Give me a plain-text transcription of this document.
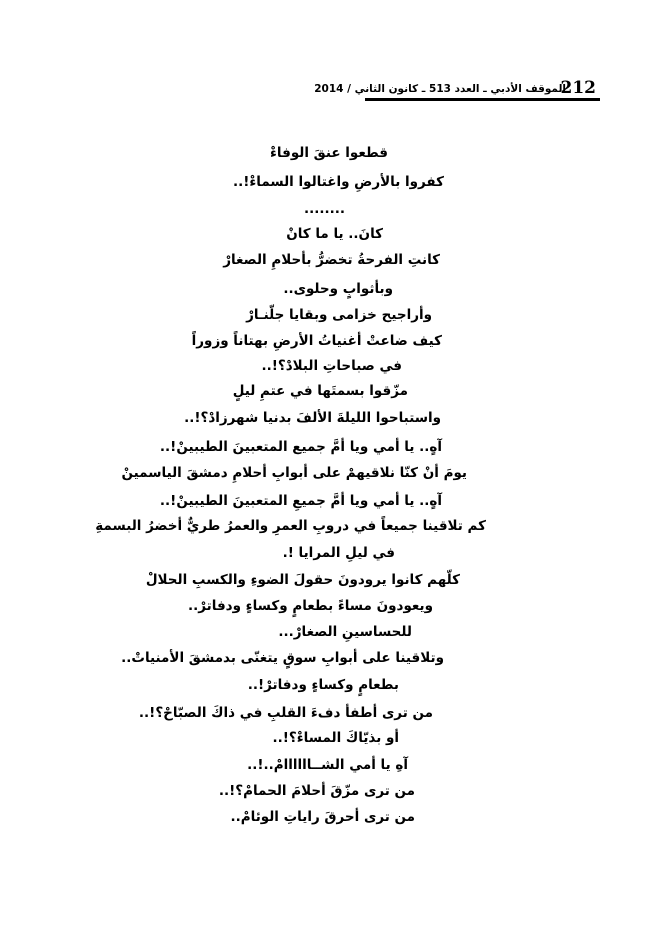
212
الموقف الأدبي ـ العدد 513 ـ كانون الثاني / 2014
قطعوا عنقَ الوفاءْ
كفروا بالأرضِ واغتالوا السماءْ!..
........
كانَ.. يا ما كانْ
كانتِ الفرحةُ تخضرُّ بأحلامِ الصغارْ
وبأثوابٍ وحلوى..
وأراجيح خزامى وبقايا جلّنـارْ
كيف ضاعتْ أغنياتُ الأرضِ بهتاناً وزوراً
في صباحاتِ البلادْ؟!..
مزّقوا بسمتَها في عتمِ ليلٍ
واستباحوا الليلةَ الألفَ بدنيا شهرزادْ؟!..
آهٍ.. يا أمي ويا أمَّ جميع المتعبينَ الطيبينْ!..
يومَ أنْ كنّا نلاقيهمْ على أبوابِ أحلامِ دمشقَ الياسمينْ
آهٍ.. يا أمي ويا أمَّ جميعِ المتعبينَ الطيبينْ!..
كم تلاقينا جميعاً في دروبِ العمرِ والعمرُ طريٌّ أخضرُ البسمةِ
في ليلِ المرايا !.
كلّهم كانوا يرودونَ حقولَ الضوءِ والكسبِ الحلالْ
ويعودونَ مساءً بطعامٍ وكساءٍ ودفاترْ..
للحساسينِ الصغارْ...
وتلاقينا على أبوابِ سوقٍ يتغنّى بدمشقَ الأمنياتْ..
بطعامٍ وكساءٍ ودفاترْ!..
من ترى أطفأ دفءَ القلبِ في ذاكَ الصبّاحْ؟!..
أو بذيّاكَ المساءْ؟!..
آهِ يا أمي الشــاااااامْ..!..
من ترى مزّقَ أحلامَ الحمامْ؟!..
من ترى أحرقَ راياتِ الوئامْ..
